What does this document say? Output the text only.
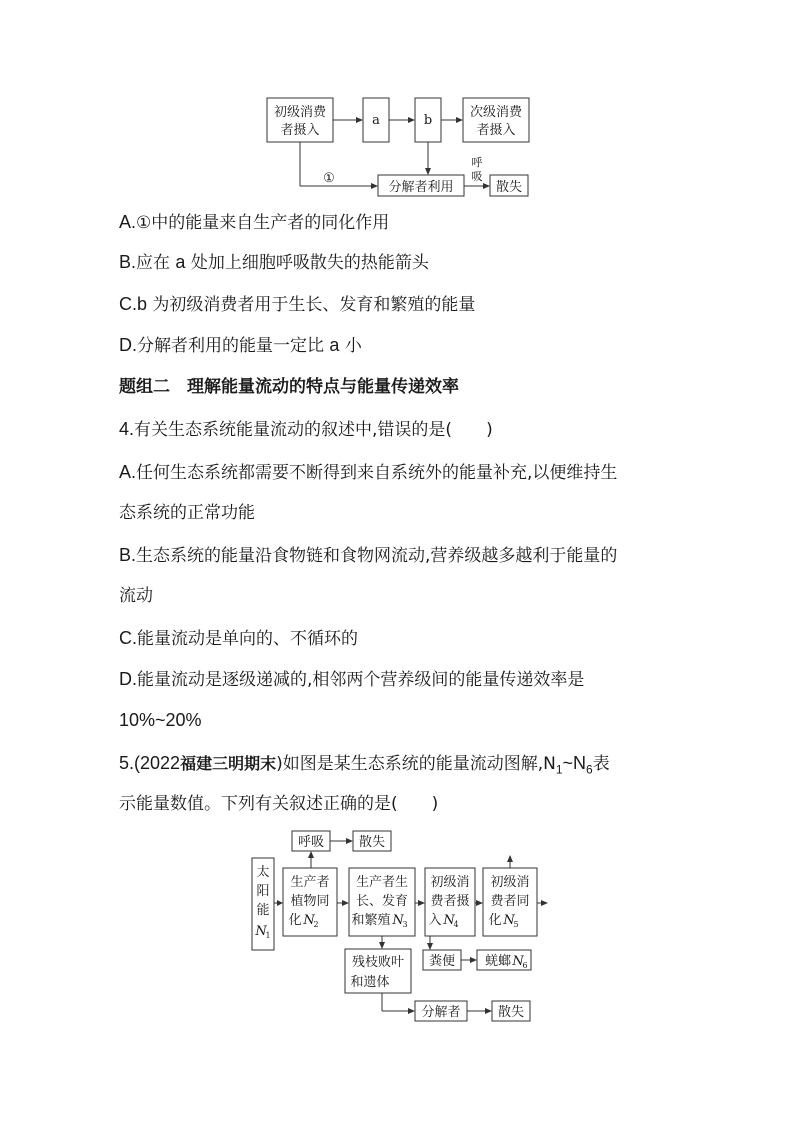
初级消费
者摄入
a	b
次级消费
者摄入
①
分解者利用
呼
吸
散失
A.①中的能量来自生产者的同化作用
B.应在 a 处加上细胞呼吸散失的热能箭头
C.b 为初级消费者用于生长、发育和繁殖的能量
D.分解者利用的能量一定比 a 小
题组二　理解能量流动的特点与能量传递效率
4.有关生态系统能量流动的叙述中,错误的是( )
A.任何生态系统都需要不断得到来自系统外的能量补充,以便维持生
态系统的正常功能
B.生态系统的能量沿食物链和食物网流动,营养级越多越利于能量的
流动
C.能量流动是单向的、不循环的
D.能量流动是逐级递减的,相邻两个营养级间的能量传递效率是
10%~20%
5.(2022福建三明期末)如图是某生态系统的能量流动图解$,N_1\sim N_6$表
示能量数值。下列有关叙述正确的是( )
呼吸	散失
太
阳
能
N
1
生产者
植物同
化 N
2
生产者生
长、发育
和繁殖 N
3
初级消
费者摄
入 N
4
初级消
费者同
化 N
5
残枝败叶
和遗体
粪便 蜣螂 N
6
分解者	散失
